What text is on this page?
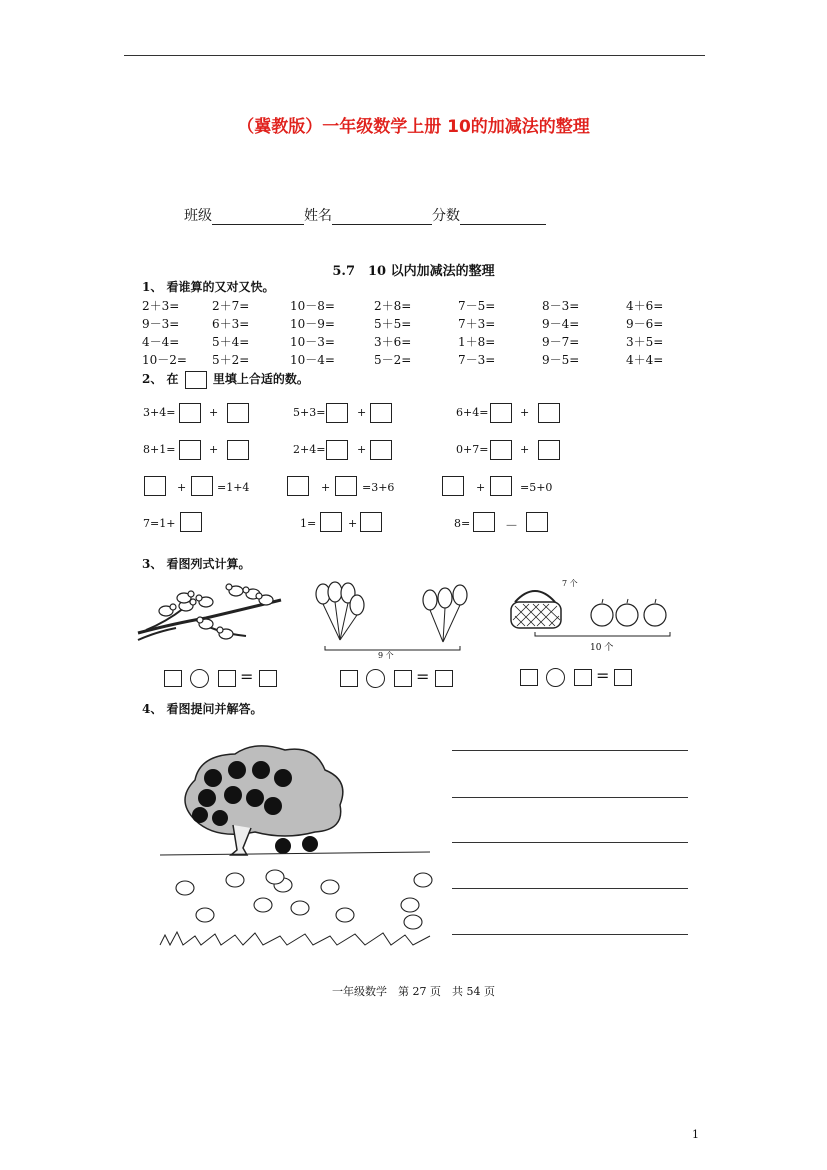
（冀教版）一年级数学上册 10的加减法的整理
班级	姓名	分数
5.7　10 以内加减法的整理
1、 看谁算的又对又快。
2＋3=	2＋7=	10－8=	2＋8=	7－5=	8－3=	4＋6=
9－3=	6＋3=	10－9=	5＋5=	7＋3=	9－4=	9－6=
4－4=	5＋4=	10－3=	3＋6=	1＋8=	9－7=	3＋5=
10－2= 5＋2=	10－4=	5－2=	7－3=	9－5=	4＋4=
2、 在	里填上合适的数。
3+4=	+	5+3=	+	6+4=	+
8+1=	+	2+4=	+	0+7=	+
+	=1+4	+	=3+6	+	=5+0
7=1+	1=	+	8=	－
3、 看图列式计算。
9 个
7 个
10 个
=	=	=
4、 看图提问并解答。
一年级数学　第 27 页　共 54 页
1
